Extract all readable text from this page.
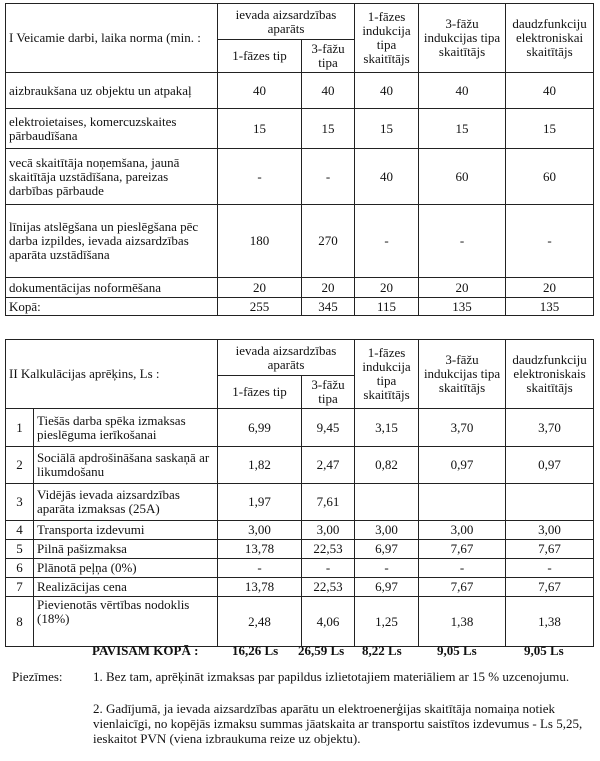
I Veicamie darbi, laika norma (min. :	ievada aizsardzības aparāts		1-fāzes indukcija tipa skaitītājs	3-fāžu indukcijas tipa skaitītājs	daudzfunkciju elektroniskai skaitītājs
	1-fāzes tip	3-fāžu tipa			
aizbraukšana uz objektu un atpakaļ	40	40	40	40	40
elektroietaises, komercuzskaites pārbaudīšana	15	15	15	15	15
vecā skaitītāja noņemšana, jaunā skaitītāja uzstādīšana, pareizas darbības pārbaude	-	-	40	60	60
līnijas atslēgšana un pieslēgšana pēc darba izpildes, ievada aizsardzības aparāta uzstādīšana	180	270	-	-	-
dokumentācijas noformēšana	20	20	20	20	20
Kopā:	255	345	115	135	135
II Kalkulācijas aprēķins, Ls :		ievada aizsardzības aparāts		1-fāzes indukcija tipa skaitītājs	3-fāžu indukcijas tipa skaitītājs	daudzfunkciju elektroniskais skaitītājs
		1-fāzes tip	3-fāžu tipa			
1	Tiešās darba spēka izmaksas pieslēguma ierīkošanai	6,99	9,45	3,15	3,70	3,70
2	Sociālā apdrošināšana saskaņā ar likumdošanu	1,82	2,47	0,82	0,97	0,97
3	Vidējās ievada aizsardzības aparāta izmaksas (25A)	1,97	7,61			
4	Transporta izdevumi	3,00	3,00	3,00	3,00	3,00
5	Pilnā pašizmaksa	13,78	22,53	6,97	7,67	7,67
6	Plānotā peļņa (0%)	-	-	-	-	-
7	Realizācijas cena	13,78	22,53	6,97	7,67	7,67
8	Pievienotās vērtības nodoklis (18%)	2,48	4,06	1,25	1,38	1,38
PAVISAM KOPĀ :	16,26 Ls 26,59 Ls 8,22 Ls	9,05 Ls	9,05 Ls
Piezīmes: 1. Bez tam, aprēķināt izmaksas par papildus izlietotajiem materiāliem ar 15 % uzcenojumu.
2. Gadījumā, ja ievada aizsardzības aparātu un elektroenerģijas skaitītāja nomaiņa notiek vienlaicīgi, no kopējās izmaksu summas jāatskaita ar transportu saistītos izdevumus - Ls 5,25, ieskaitot PVN (viena izbraukuma reize uz objektu).
